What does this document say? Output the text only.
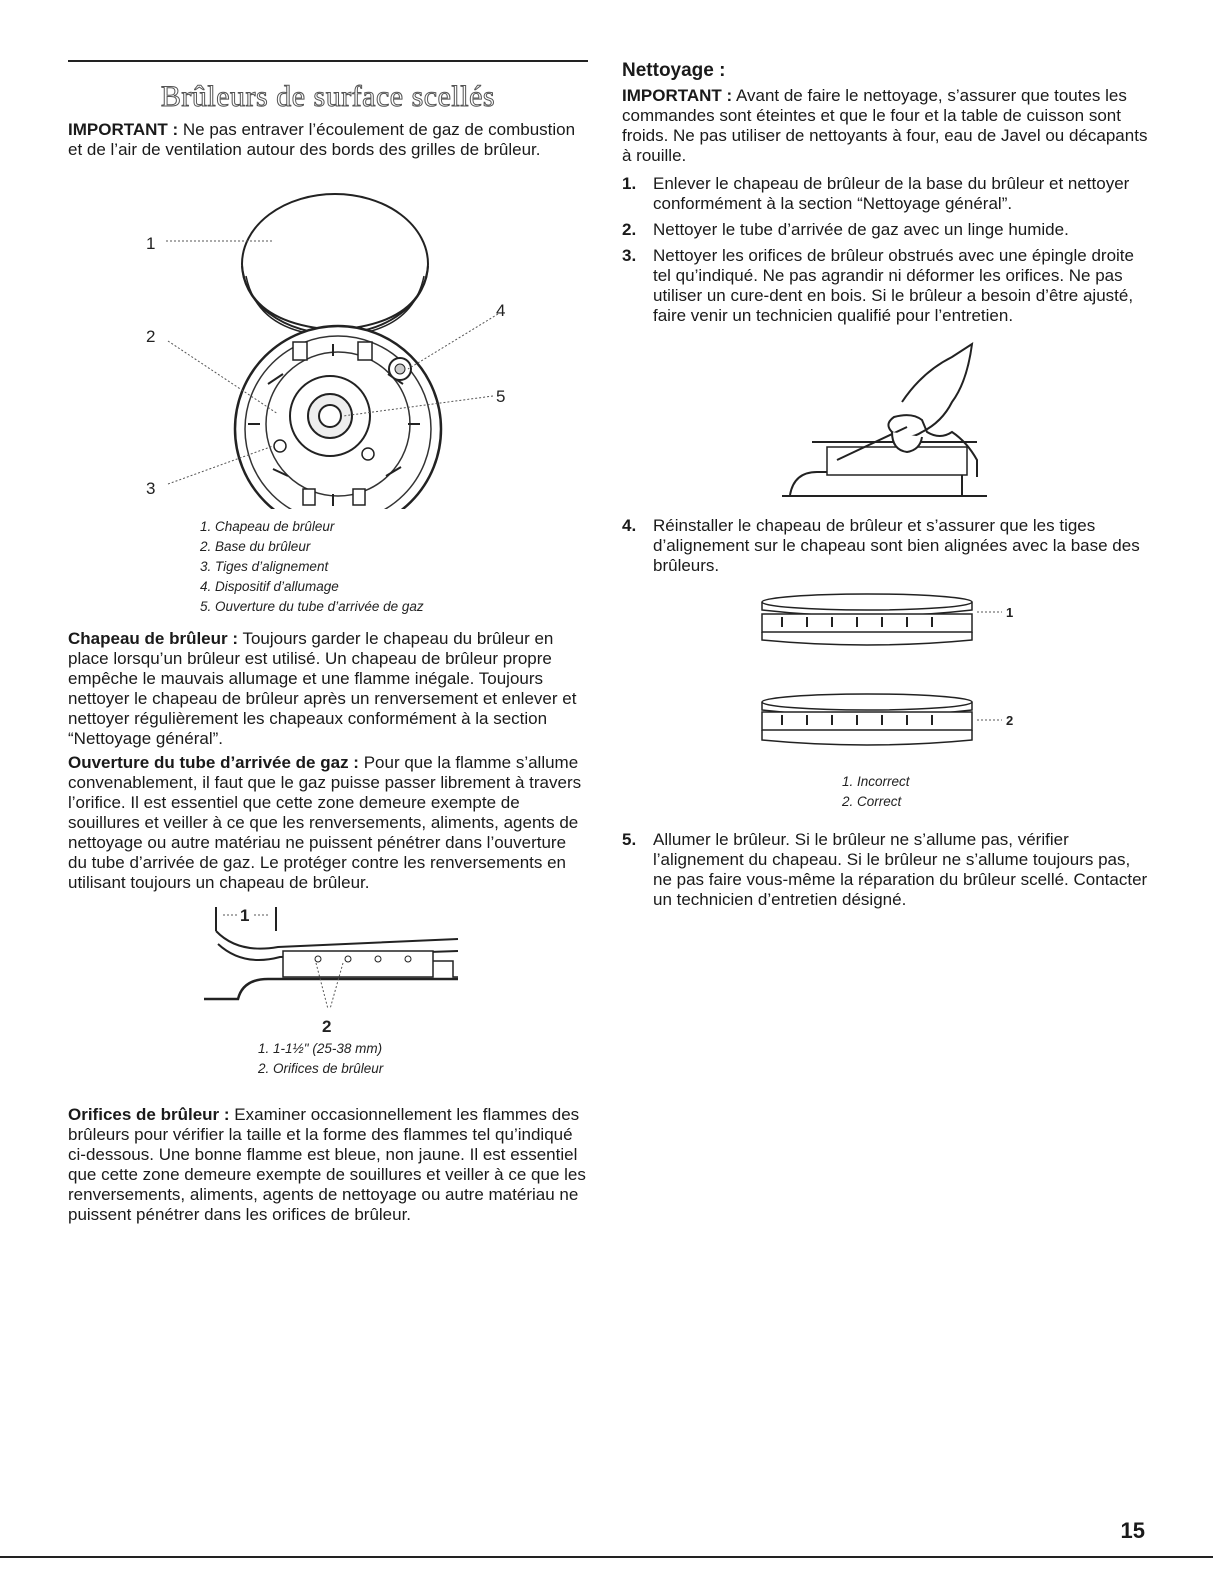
Brûleurs de surface scellés

IMPORTANT : Ne pas entraver l’écoulement de gaz de combustion et de l’air de ventilation autour des bords des grilles de brûleur.

1
2
3
4
5
1. Chapeau de brûleur
2. Base du brûleur
3. Tiges d’alignement
4. Dispositif d’allumage
5. Ouverture du tube d’arrivée de gaz

Chapeau de brûleur : Toujours garder le chapeau du brûleur en place lorsqu’un brûleur est utilisé. Un chapeau de brûleur propre empêche le mauvais allumage et une flamme inégale. Toujours nettoyer le chapeau de brûleur après un renversement et enlever et nettoyer régulièrement les chapeaux conformément à la section “Nettoyage général”.

Ouverture du tube d’arrivée de gaz : Pour que la flamme s’allume convenablement, il faut que le gaz puisse passer librement à travers l’orifice. Il est essentiel que cette zone demeure exempte de souillures et veiller à ce que les renversements, aliments, agents de nettoyage ou autre matériau ne puissent pénétrer dans l’ouverture du tube d’arrivée de gaz. Le protéger contre les renversements en utilisant toujours un chapeau de brûleur.

1
2
1. 1-1½" (25-38 mm)
2. Orifices de brûleur

Orifices de brûleur : Examiner occasionnellement les flammes des brûleurs pour vérifier la taille et la forme des flammes tel qu’indiqué ci-dessous. Une bonne flamme est bleue, non jaune. Il est essentiel que cette zone demeure exempte de souillures et veiller à ce que les renversements, aliments, agents de nettoyage ou autre matériau ne puissent pénétrer dans les orifices de brûleur.

Nettoyage :

IMPORTANT : Avant de faire le nettoyage, s’assurer que toutes les commandes sont éteintes et que le four et la table de cuisson sont froids. Ne pas utiliser de nettoyants à four, eau de Javel ou décapants à rouille.

1. Enlever le chapeau de brûleur de la base du brûleur et nettoyer conformément à la section “Nettoyage général”.
2. Nettoyer le tube d’arrivée de gaz avec un linge humide.
3. Nettoyer les orifices de brûleur obstrués avec une épingle droite tel qu’indiqué. Ne pas agrandir ni déformer les orifices. Ne pas utiliser un cure-dent en bois. Si le brûleur a besoin d’être ajusté, faire venir un technicien qualifié pour l’entretien.
4. Réinstaller le chapeau de brûleur et s’assurer que les tiges d’alignement sur le chapeau sont bien alignées avec la base des brûleurs.
1
2
1. Incorrect
2. Correct
5. Allumer le brûleur. Si le brûleur ne s’allume pas, vérifier l’alignement du chapeau. Si le brûleur ne s’allume toujours pas, ne pas faire vous-même la réparation du brûleur scellé. Contacter un technicien d’entretien désigné.
15
